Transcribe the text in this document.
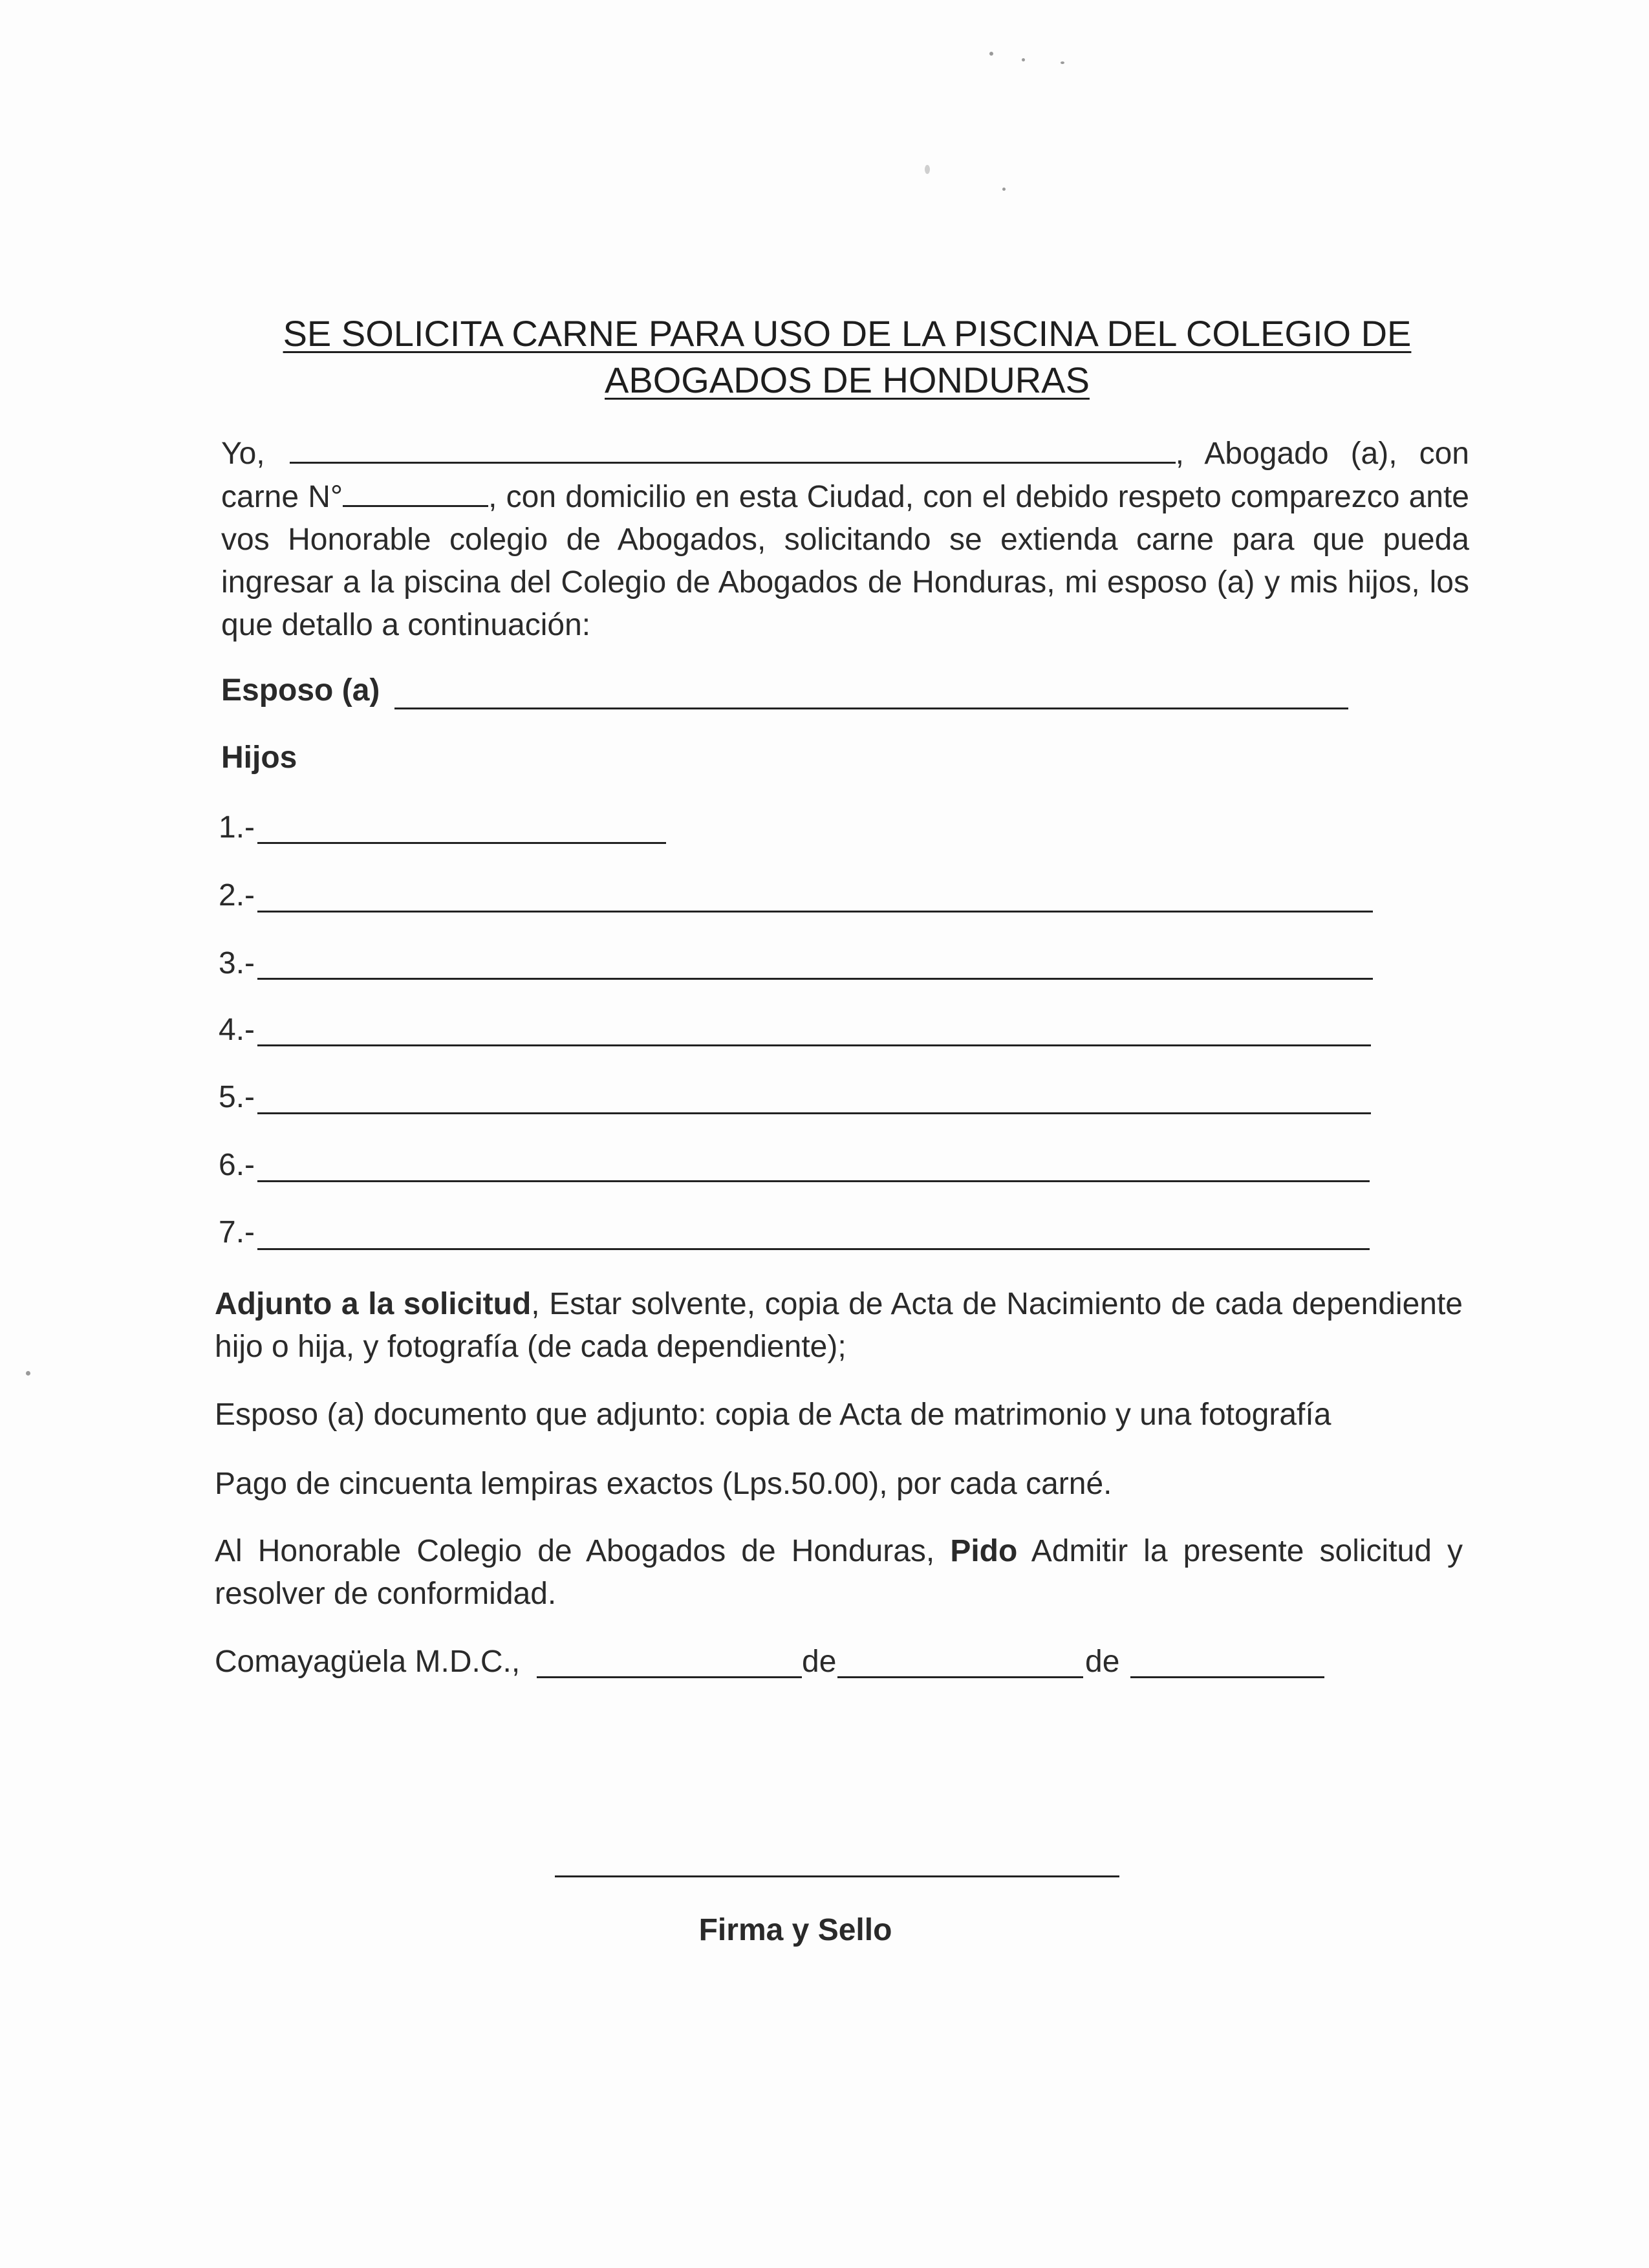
SE SOLICITA CARNE PARA USO DE LA PISCINA DEL COLEGIO DE
ABOGADOS DE HONDURAS
Yo,	, Abogado (a), con
carne N°	, con domicilio en esta Ciudad, con el debido respeto comparezco ante vos Honorable colegio de Abogados, solicitando se extienda carne para que pueda ingresar a la piscina del Colegio de Abogados de Honduras, mi esposo (a) y mis hijos, los que detallo a continuación:
Esposo (a)
Hijos
1.-
2.-
3.-
4.-
5.-
6.-
7.-
Adjunto a la solicitud, Estar solvente, copia de Acta de Nacimiento de cada dependiente hijo o hija, y fotografía (de cada dependiente);
Esposo (a) documento que adjunto: copia de Acta de matrimonio y una fotografía
Pago de cincuenta lempiras exactos (Lps.50.00), por cada carné.
Al Honorable Colegio de Abogados de Honduras, Pido Admitir la presente solicitud y resolver de conformidad.
Comayagüela M.D.C.,	de	de
Firma y Sello
